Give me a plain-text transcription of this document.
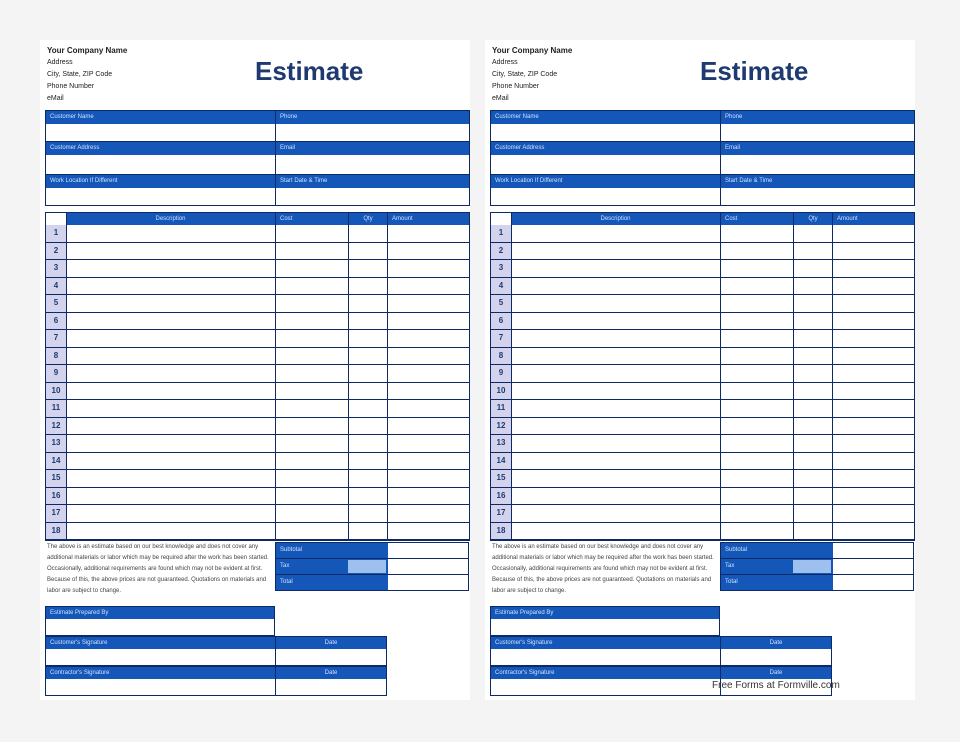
Your Company Name
Address
City, State, ZIP Code
Phone Number
eMail
Estimate
Customer Name	Phone
Customer Address	Email
Work Location If Different	Start Date & Time
Description	Cost	Qty	Amount
1
2
3
4
5
6
7
8
9
10
11
12
13
14
15
16
17
18
The above is an estimate based on our best knowledge and does not cover any additional materials or labor which may be required after the work has been started. Occasionally, additional requirements are found which may not be evident at first. Because of this, the above prices are not guaranteed. Quotations on materials and labor are subject to change.
Subtotal
Tax
Total
Estimate Prepared By
Customer's Signature	Date
Contractor's Signature	Date
Your Company Name
Address
City, State, ZIP Code
Phone Number
eMail
Estimate
Customer Name	Phone
Customer Address	Email
Work Location If Different	Start Date & Time
Description	Cost	Qty	Amount
1
2
3
4
5
6
7
8
9
10
11
12
13
14
15
16
17
18
The above is an estimate based on our best knowledge and does not cover any additional materials or labor which may be required after the work has been started. Occasionally, additional requirements are found which may not be evident at first. Because of this, the above prices are not guaranteed. Quotations on materials and labor are subject to change.
Subtotal
Tax
Total
Estimate Prepared By
Customer's Signature	Date
Contractor's Signature	Date
Free Forms at Formville.com
